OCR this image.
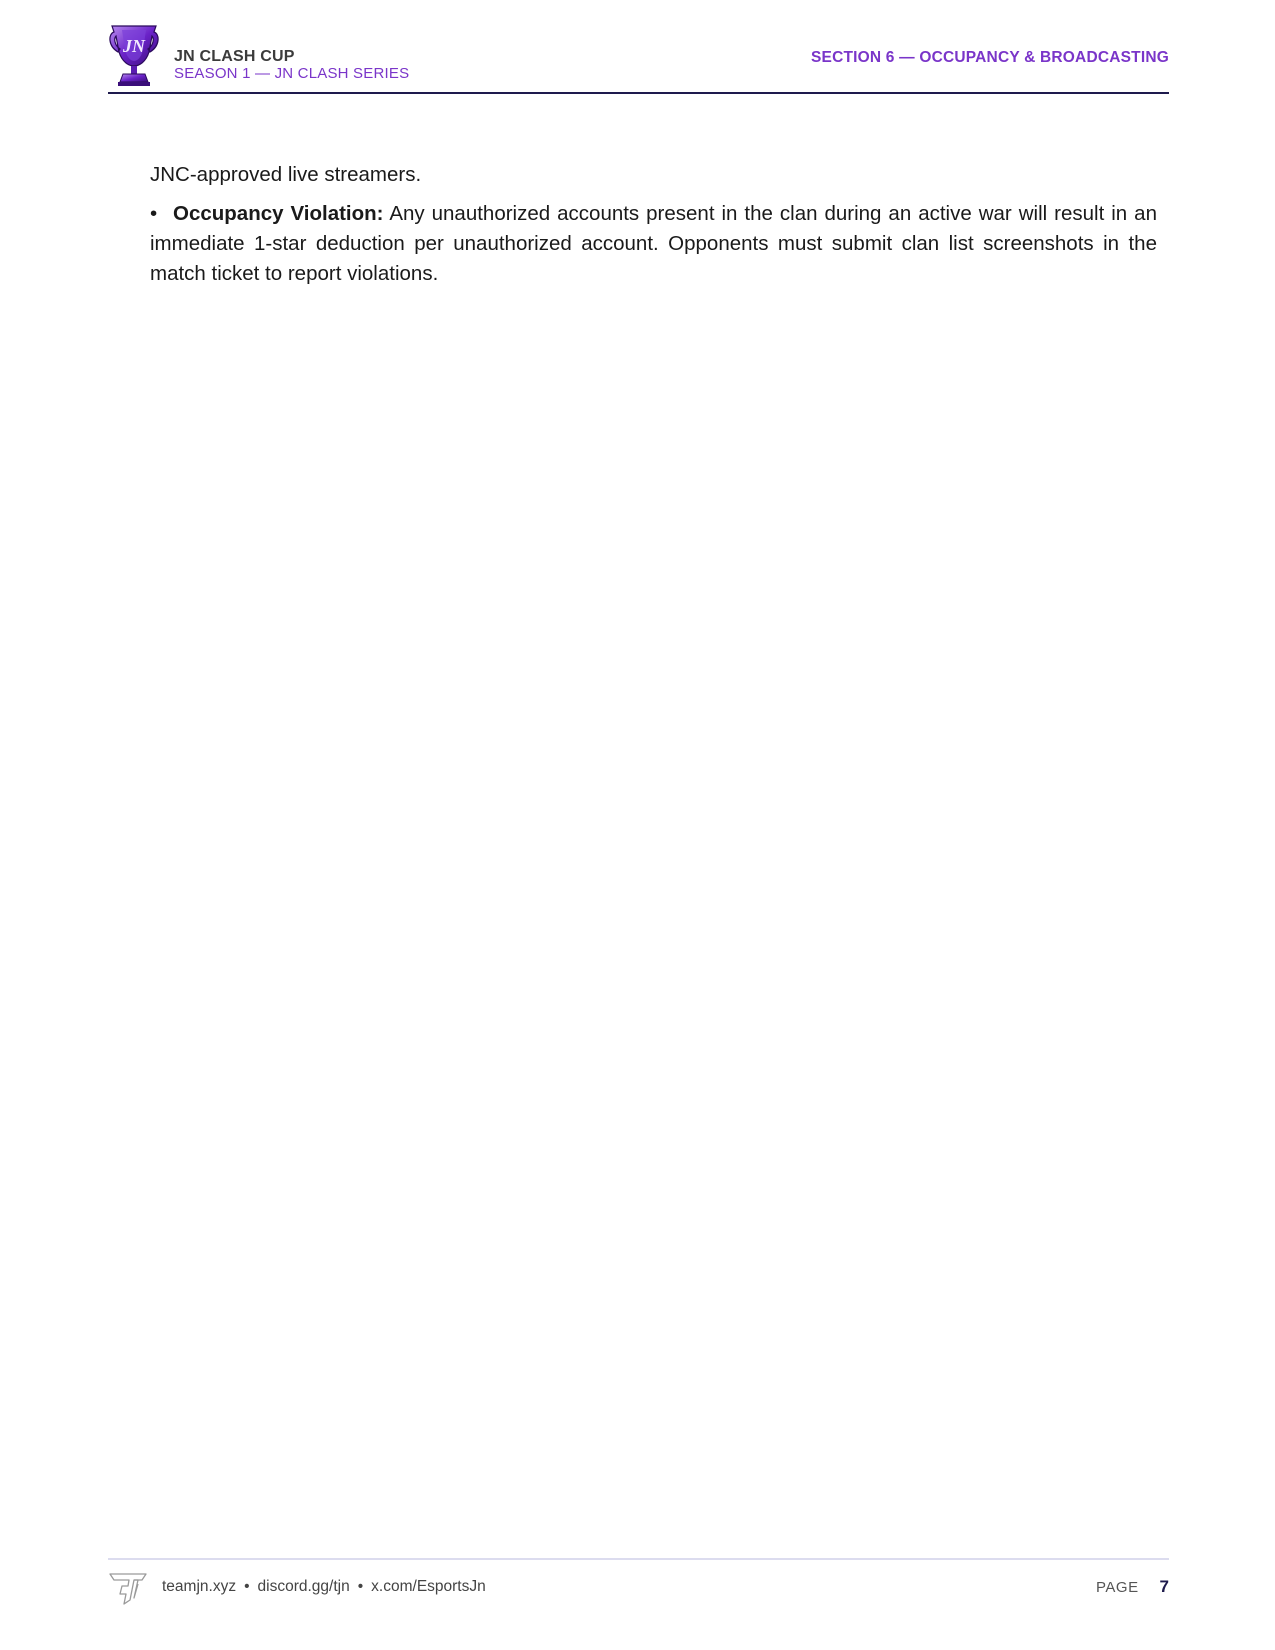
JN
JN CLASH CUP
SEASON 1 — JN CLASH SERIES
SECTION 6 — OCCUPANCY & BROADCASTING

JNC-approved live streamers.

• Occupancy Violation: Any unauthorized accounts present in the clan during an active war will result in an immediate 1-star deduction per unauthorized account. Opponents must submit clan list screenshots in the match ticket to report violations.

teamjn.xyz • discord.gg/tjn • x.com/EsportsJn	PAGE 7
